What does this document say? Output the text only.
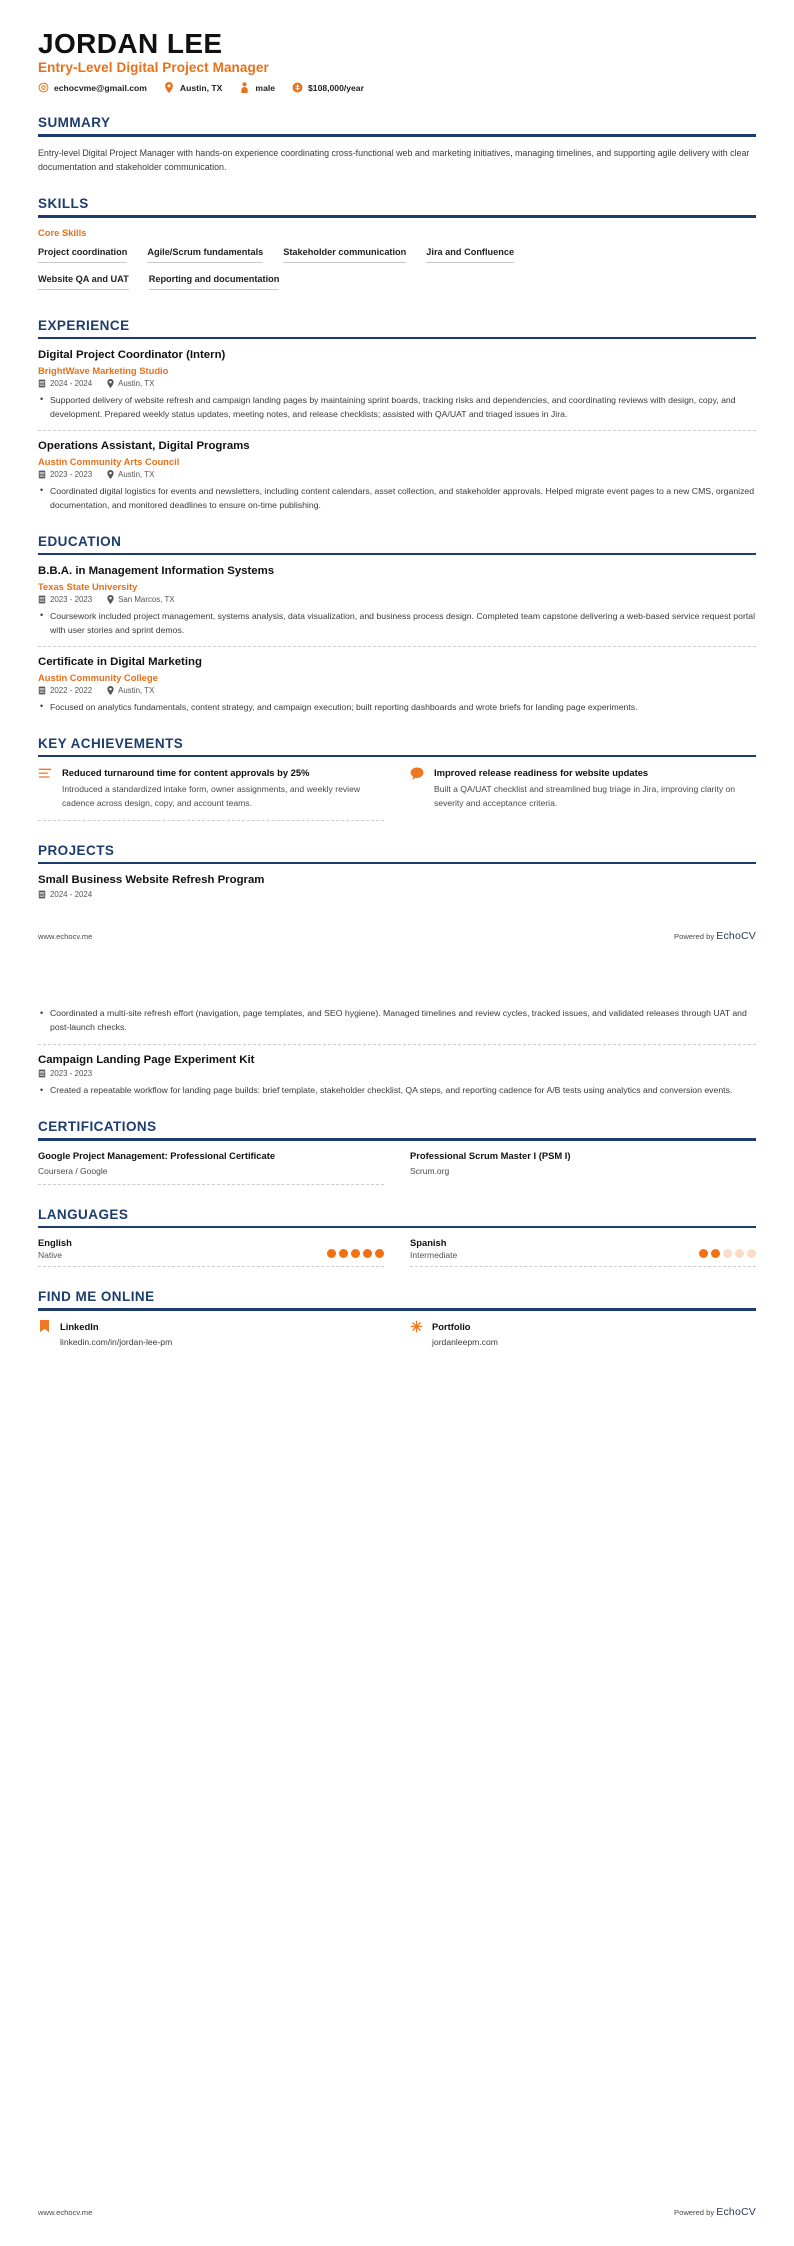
JORDAN LEE
Entry-Level Digital Project Manager
echocvme@gmail.com	Austin, TX	male	$108,000/year
SUMMARY
Entry-level Digital Project Manager with hands-on experience coordinating cross-functional web and marketing initiatives, managing timelines, and supporting agile delivery with clear documentation and stakeholder communication.
SKILLS
Core Skills
Project coordination Agile/Scrum fundamentals Stakeholder communication Jira and Confluence
Website QA and UAT Reporting and documentation
EXPERIENCE
Digital Project Coordinator (Intern)
BrightWave Marketing Studio
2024 - 2024	Austin, TX
• Supported delivery of website refresh and campaign landing pages by maintaining sprint boards, tracking risks and dependencies, and coordinating reviews with design, copy, and development. Prepared weekly status updates, meeting notes, and release checklists; assisted with QA/UAT and triaged issues in Jira.
Operations Assistant, Digital Programs
Austin Community Arts Council
2023 - 2023	Austin, TX
• Coordinated digital logistics for events and newsletters, including content calendars, asset collection, and stakeholder approvals. Helped migrate event pages to a new CMS, organized documentation, and monitored deadlines to ensure on-time publishing.
EDUCATION
B.B.A. in Management Information Systems
Texas State University
2023 - 2023	San Marcos, TX
• Coursework included project management, systems analysis, data visualization, and business process design. Completed team capstone delivering a web-based service request portal with user stories and sprint demos.
Certificate in Digital Marketing
Austin Community College
2022 - 2022	Austin, TX
• Focused on analytics fundamentals, content strategy, and campaign execution; built reporting dashboards and wrote briefs for landing page experiments.
KEY ACHIEVEMENTS
Reduced turnaround time for content approvals by 25%
Introduced a standardized intake form, owner assignments, and weekly review cadence across design, copy, and account teams.
Improved release readiness for website updates
Built a QA/UAT checklist and streamlined bug triage in Jira, improving clarity on severity and acceptance criteria.
PROJECTS
Small Business Website Refresh Program
2024 - 2024
www.echocv.me	Powered by EchoCV
• Coordinated a multi-site refresh effort (navigation, page templates, and SEO hygiene). Managed timelines and review cycles, tracked issues, and validated releases through UAT and post-launch checks.
Campaign Landing Page Experiment Kit
2023 - 2023
• Created a repeatable workflow for landing page builds: brief template, stakeholder checklist, QA steps, and reporting cadence for A/B tests using analytics and conversion events.
CERTIFICATIONS
Google Project Management: Professional Certificate
Coursera / Google
Professional Scrum Master I (PSM I)
Scrum.org
LANGUAGES
English
Native
Spanish
Intermediate
FIND ME ONLINE
LinkedIn
linkedin.com/in/jordan-lee-pm
Portfolio
jordanleepm.com
www.echocv.me	Powered by EchoCV
